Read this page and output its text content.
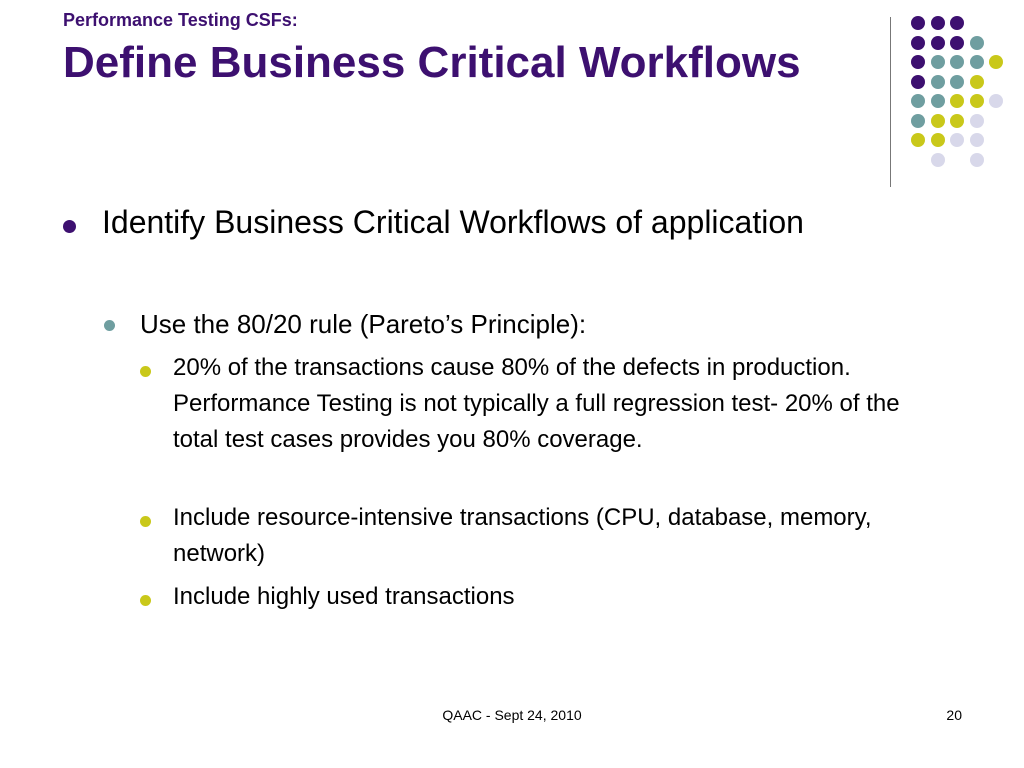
Performance Testing CSFs:

Define Business Critical Workflows
Identify Business Critical Workflows of application
Use the 80/20 rule (Pareto’s Principle):
20% of the transactions cause 80% of the defects in production. Performance Testing is not typically a full regression test- 20% of the total test cases provides you 80% coverage.
Include resource-intensive transactions (CPU, database, memory, network)
Include highly used transactions
QAAC - Sept 24, 2010	20
